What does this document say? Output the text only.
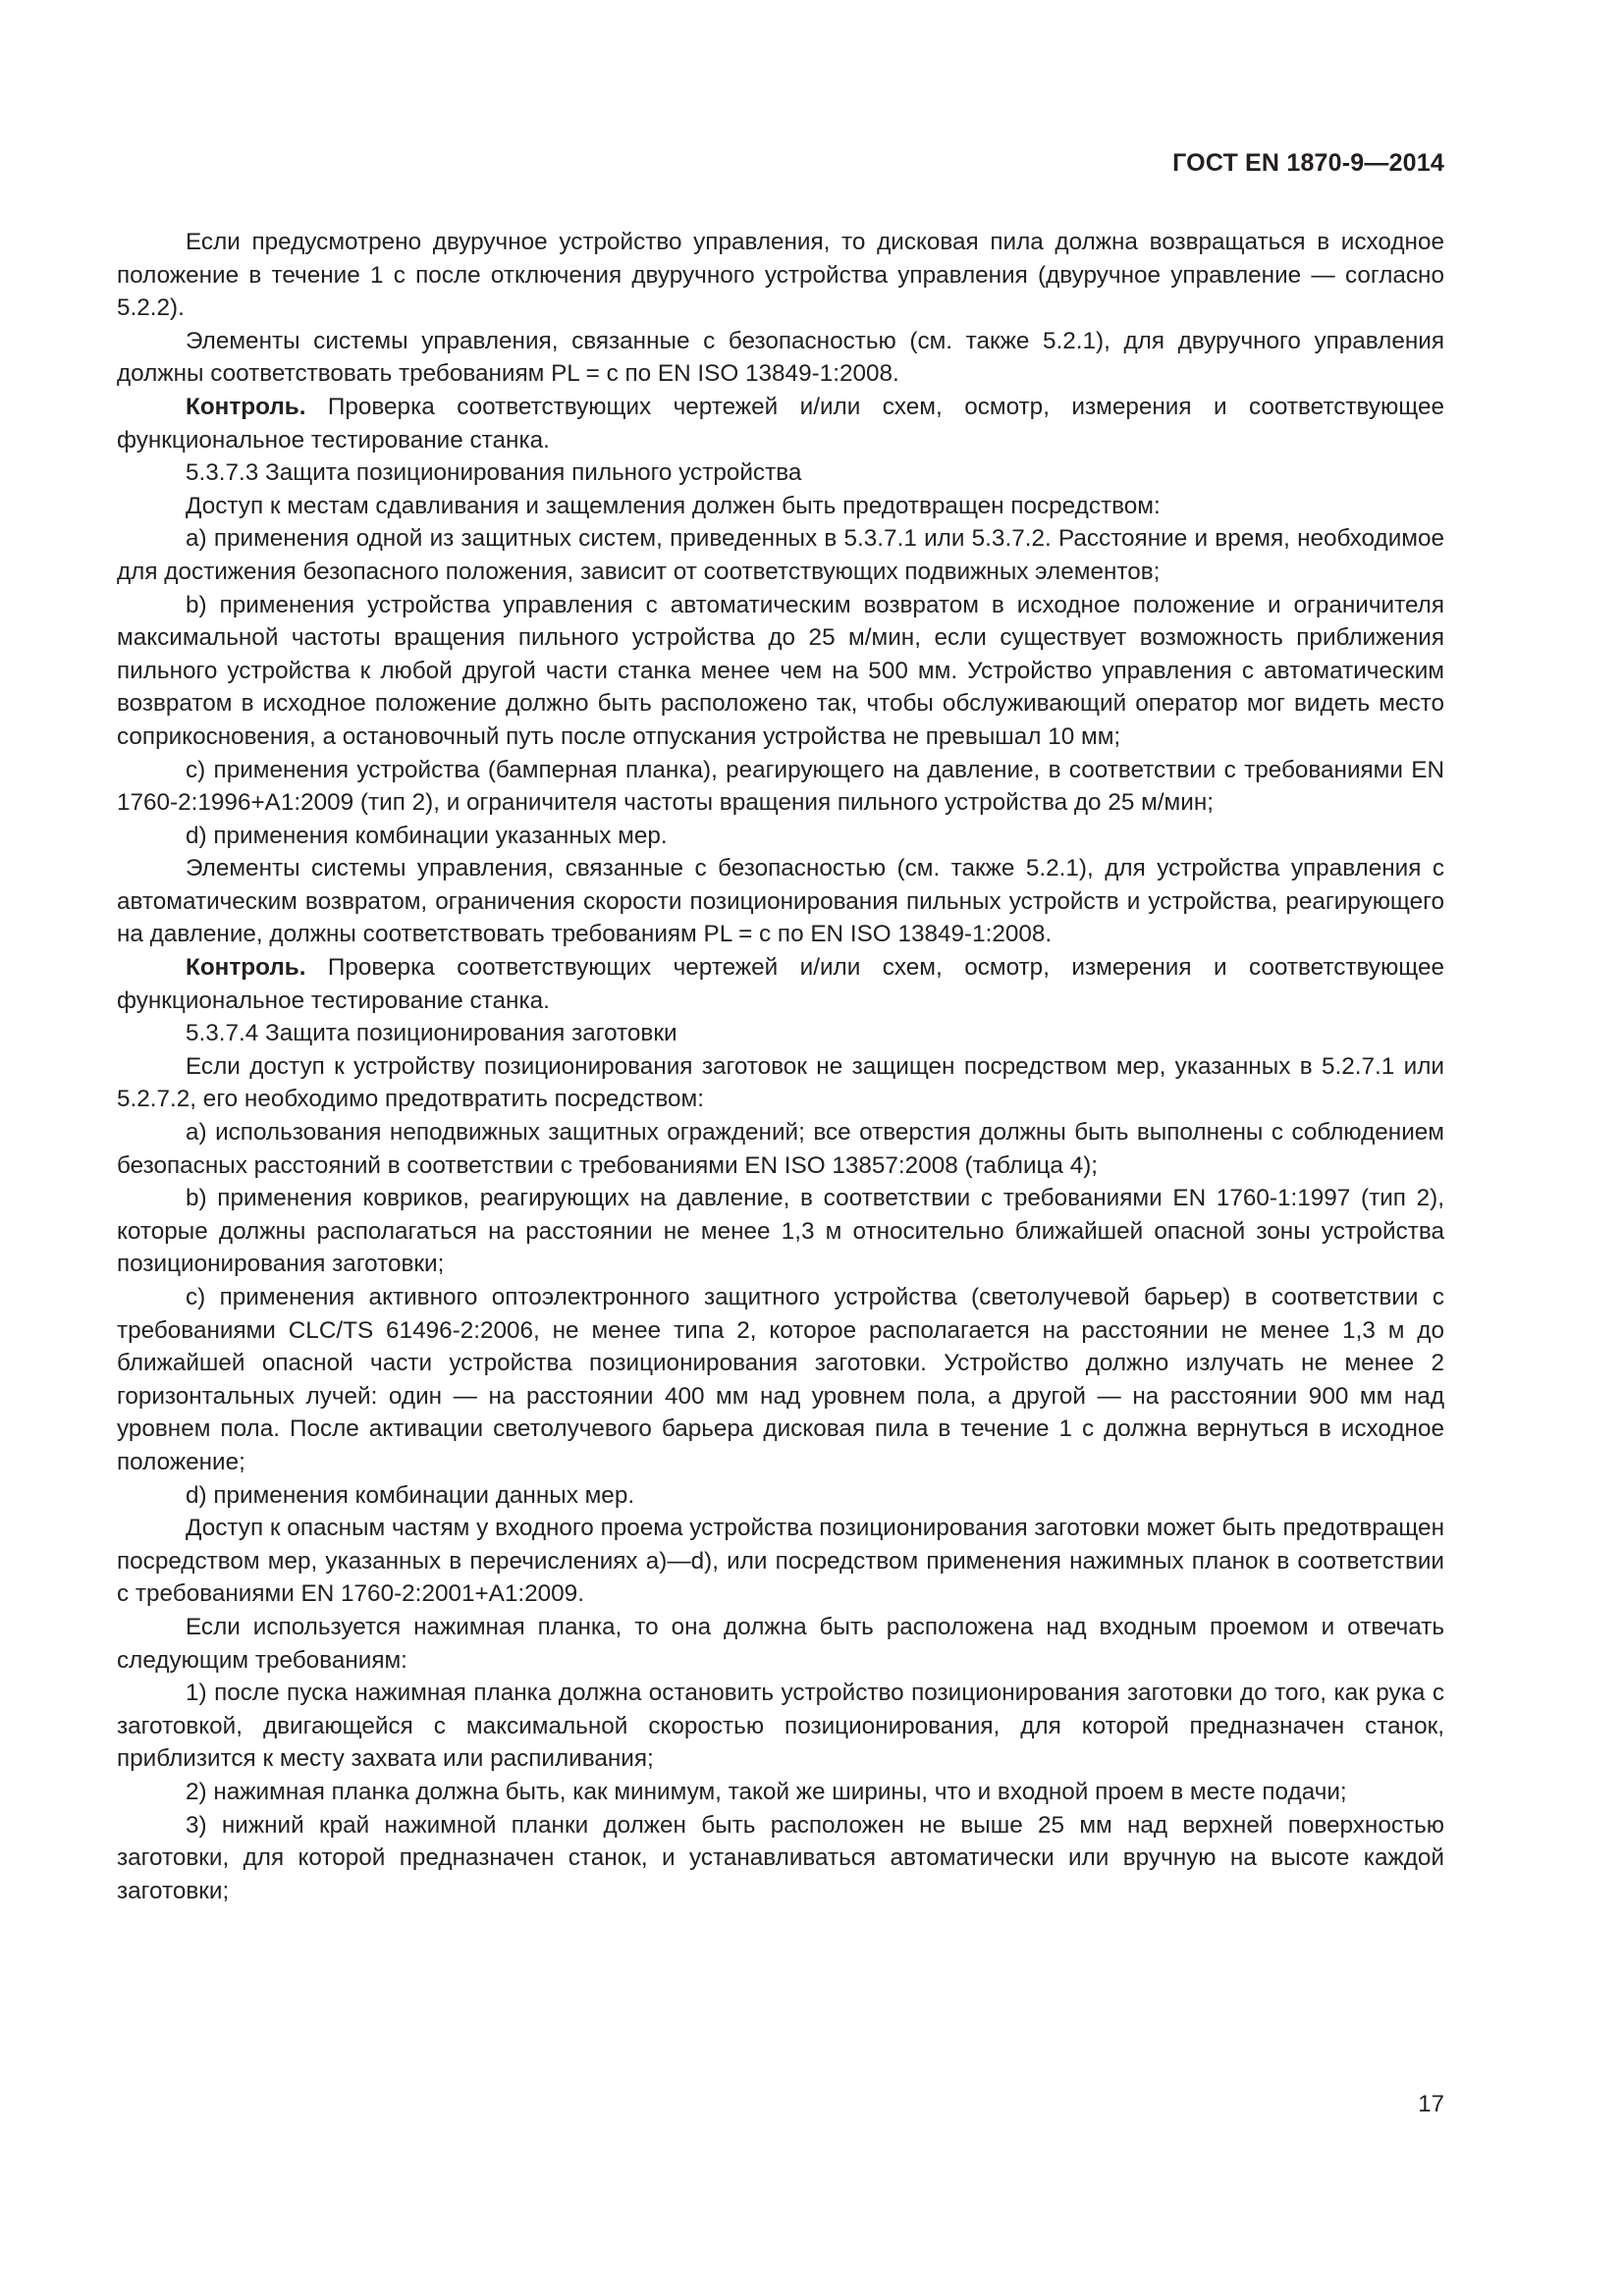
ГОСТ EN 1870-9—2014

Если предусмотрено двуручное устройство управления, то дисковая пила должна возвращаться в исходное положение в течение 1 с после отключения двуручного устройства управления (двуручное управление — согласно 5.2.2).

Элементы системы управления, связанные с безопасностью (см. также 5.2.1), для двуручного управления должны соответствовать требованиям PL = с по EN ISO 13849-1:2008.

Контроль. Проверка соответствующих чертежей и/или схем, осмотр, измерения и соответствующее функциональное тестирование станка.

5.3.7.3 Защита позиционирования пильного устройства

Доступ к местам сдавливания и защемления должен быть предотвращен посредством:

а) применения одной из защитных систем, приведенных в 5.3.7.1 или 5.3.7.2. Расстояние и время, необходимое для достижения безопасного положения, зависит от соответствующих подвижных элементов;

b) применения устройства управления с автоматическим возвратом в исходное положение и ограничителя максимальной частоты вращения пильного устройства до 25 м/мин, если существует возможность приближения пильного устройства к любой другой части станка менее чем на 500 мм. Устройство управления с автоматическим возвратом в исходное положение должно быть расположено так, чтобы обслуживающий оператор мог видеть место соприкосновения, а остановочный путь после отпускания устройства не превышал 10 мм;

c) применения устройства (бамперная планка), реагирующего на давление, в соответствии с требованиями EN 1760-2:1996+А1:2009 (тип 2), и ограничителя частоты вращения пильного устройства до 25 м/мин;

d) применения комбинации указанных мер.

Элементы системы управления, связанные с безопасностью (см. также 5.2.1), для устройства управления с автоматическим возвратом, ограничения скорости позиционирования пильных устройств и устройства, реагирующего на давление, должны соответствовать требованиям PL = с по EN ISO 13849-1:2008.

Контроль. Проверка соответствующих чертежей и/или схем, осмотр, измерения и соответствующее функциональное тестирование станка.

5.3.7.4 Защита позиционирования заготовки

Если доступ к устройству позиционирования заготовок не защищен посредством мер, указанных в 5.2.7.1 или 5.2.7.2, его необходимо предотвратить посредством:

а) использования неподвижных защитных ограждений; все отверстия должны быть выполнены с соблюдением безопасных расстояний в соответствии с требованиями EN ISO 13857:2008 (таблица 4);

b) применения ковриков, реагирующих на давление, в соответствии с требованиями EN 1760-1:1997 (тип 2), которые должны располагаться на расстоянии не менее 1,3 м относительно ближайшей опасной зоны устройства позиционирования заготовки;

c) применения активного оптоэлектронного защитного устройства (светолучевой барьер) в соответствии с требованиями CLC/TS 61496-2:2006, не менее типа 2, которое располагается на расстоянии не менее 1,3 м до ближайшей опасной части устройства позиционирования заготовки. Устройство должно излучать не менее 2 горизонтальных лучей: один — на расстоянии 400 мм над уровнем пола, а другой — на расстоянии 900 мм над уровнем пола. После активации светолучевого барьера дисковая пила в течение 1 с должна вернуться в исходное положение;

d) применения комбинации данных мер.

Доступ к опасным частям у входного проема устройства позиционирования заготовки может быть предотвращен посредством мер, указанных в перечислениях а)—d), или посредством применения нажимных планок в соответствии с требованиями EN 1760-2:2001+А1:2009.

Если используется нажимная планка, то она должна быть расположена над входным проемом и отвечать следующим требованиям:

1) после пуска нажимная планка должна остановить устройство позиционирования заготовки до того, как рука с заготовкой, двигающейся с максимальной скоростью позиционирования, для которой предназначен станок, приблизится к месту захвата или распиливания;

2) нажимная планка должна быть, как минимум, такой же ширины, что и входной проем в месте подачи;

3) нижний край нажимной планки должен быть расположен не выше 25 мм над верхней поверхностью заготовки, для которой предназначен станок, и устанавливаться автоматически или вручную на высоте каждой заготовки;

17
